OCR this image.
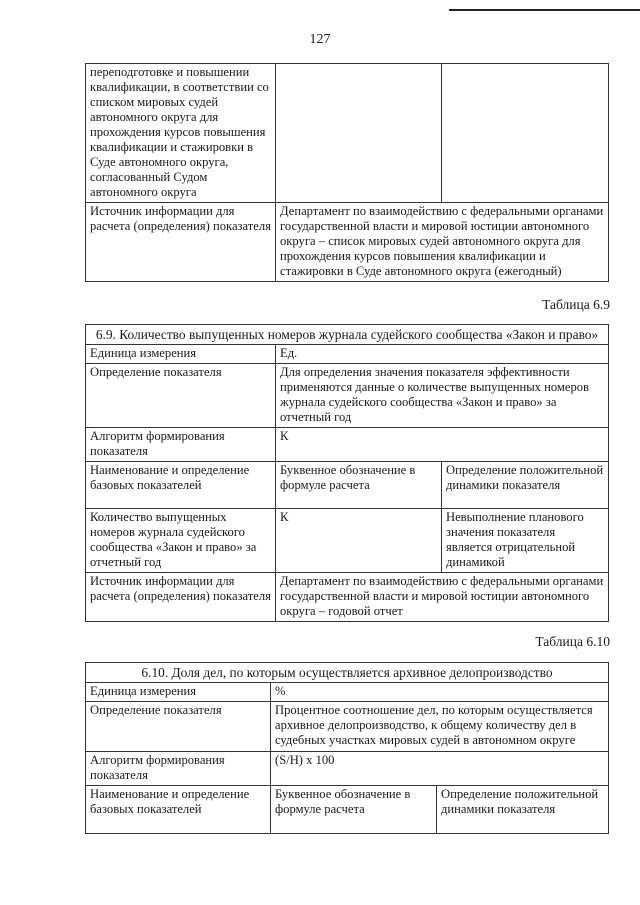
127
переподготовке и повышении квалификации, в соответствии со списком мировых судей автономного округа для прохождения курсов повышения квалификации и стажировки в Суде автономного округа, согласованный Судом автономного округа		
Источник информации для расчета (определения) показателя	Департамент по взаимодействию с федеральными органами государственной власти и мировой юстиции автономного округа – список мировых судей автономного округа для прохождения курсов повышения квалификации и стажировки в Суде автономного округа (ежегодный)	
Таблица 6.9
6.9. Количество выпущенных номеров журнала судейского сообщества «Закон и право»		
Единица измерения	Ед.	
Определение показателя	Для определения значения показателя эффективности применяются данные о количестве выпущенных номеров журнала судейского сообщества «Закон и право» за отчетный год	
Алгоритм формирования показателя	К	
Наименование и определение базовых показателей	Буквенное обозначение в формуле расчета	Определение положительной динамики показателя
Количество выпущенных номеров журнала судейского сообщества «Закон и право» за отчетный год	К	Невыполнение планового значения показателя является отрицательной динамикой
Источник информации для расчета (определения) показателя	Департамент по взаимодействию с федеральными органами государственной власти и мировой юстиции автономного округа – годовой отчет	
Таблица 6.10
6.10. Доля дел, по которым осуществляется архивное делопроизводство		
Единица измерения	%	
Определение показателя	Процентное соотношение дел, по которым осуществляется архивное делопроизводство, к общему количеству дел в судебных участках мировых судей в автономном округе	
Алгоритм формирования показателя	(S/Н) x 100	
Наименование и определение базовых показателей	Буквенное обозначение в формуле расчета	Определение положительной динамики показателя
